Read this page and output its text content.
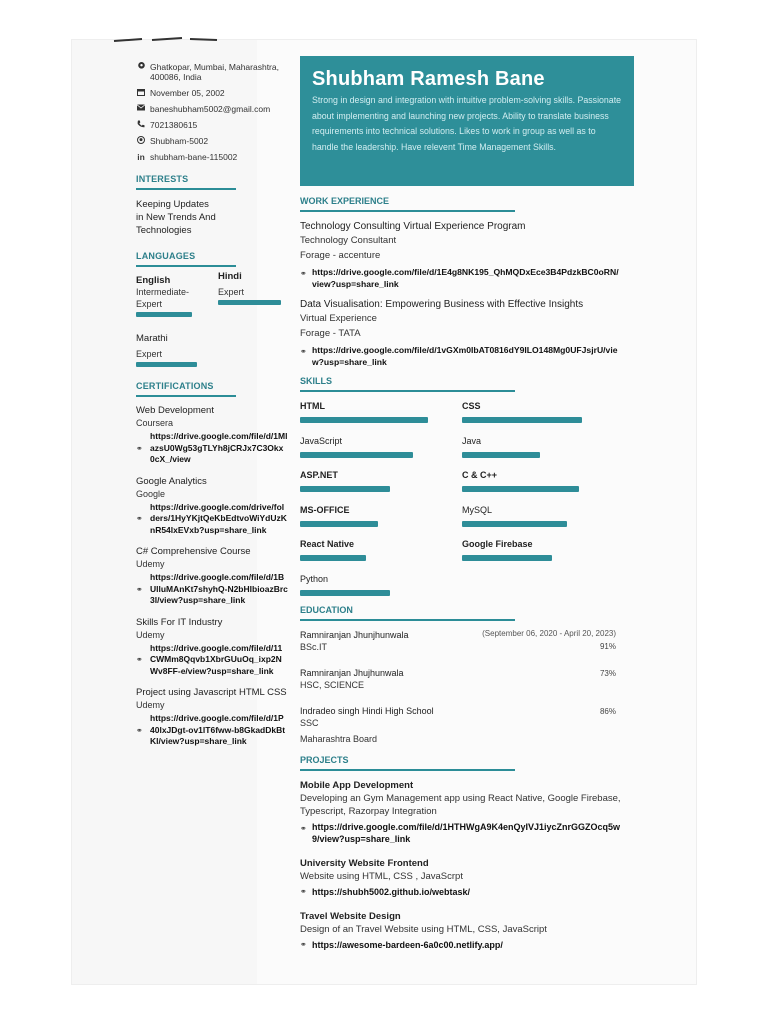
Ghatkopar, Mumbai, Maharashtra, 400086, India
November 05, 2002
baneshubham5002@gmail.com
7021380615
Shubham-5002
in shubham-bane-115002
INTERESTS
Keeping Updates in New Trends And Technologies
LANGUAGES
English
Intermediate-Expert
Hindi
Expert
Marathi
Expert
CERTIFICATIONS
Web Development
Coursera
⚭
https://drive.google.com/file/d/1MlazsU0Wg53gTLYh8jCRJx7C3Okx0cX_/view
Google Analytics
Google
⚭
https://drive.google.com/drive/folders/1HyYKjtQeKbEdtvoWiYdUzKnR54lxEVxb?usp=share_link
C# Comprehensive Course
Udemy
⚭
https://drive.google.com/file/d/1BUlluMAnKt7shyhQ-N2bHIbioazBrc3l/view?usp=share_link
Skills For IT Industry
Udemy
⚭
https://drive.google.com/file/d/11CWMm8Qqvb1XbrGUuOq_ixp2NWv8FF-e/view?usp=share_link
Project using Javascript HTML CSS
Udemy
⚭
https://drive.google.com/file/d/1P40lxJDgt-ov1lT6fww-b8GkadDkBtKl/view?usp=share_link
Shubham Ramesh Bane

Strong in design and integration with intuitive problem-solving skills. Passionate about implementing and launching new projects. Ability to translate business requirements into technical solutions. Likes to work in group as well as to handle the leadership. Have relevent Time Management Skills.

WORK EXPERIENCE
Technology Consulting Virtual Experience Program
Technology Consultant
Forage - accenture
⚭ https://drive.google.com/file/d/1E4g8NK195_QhMQDxEce3B4PdzkBC0oRN/view?usp=share_link
Data Visualisation: Empowering Business with Effective Insights
Virtual Experience
Forage - TATA
⚭ https://drive.google.com/file/d/1vGXm0IbAT0816dY9ILO148Mg0UFJsjrU/view?usp=share_link
SKILLS
HTML	CSS
JavaScript	Java
ASP.NET	C & C++
MS-OFFICE	MySQL
React Native	Google Firebase
Python
EDUCATION
Ramniranjan Jhunjhunwala
BSc.IT
(September 06, 2020 - April 20, 2023)
91%
Ramniranjan Jhujhunwala
HSC, SCIENCE
73%
Indradeo singh Hindi High School
SSC
Maharashtra Board
86%
PROJECTS
Mobile App Development
Developing an Gym Management app using React Native, Google Firebase, Typescript, Razorpay Integration
⚭ https://drive.google.com/file/d/1HTHWgA9K4enQyIVJ1iycZnrGGZOcq5w9/view?usp=share_link
University Website Frontend
Website using HTML, CSS , JavaScrpt
⚭ https://shubh5002.github.io/webtask/
Travel Website Design
Design of an Travel Website using HTML, CSS, JavaScript
⚭ https://awesome-bardeen-6a0c00.netlify.app/
